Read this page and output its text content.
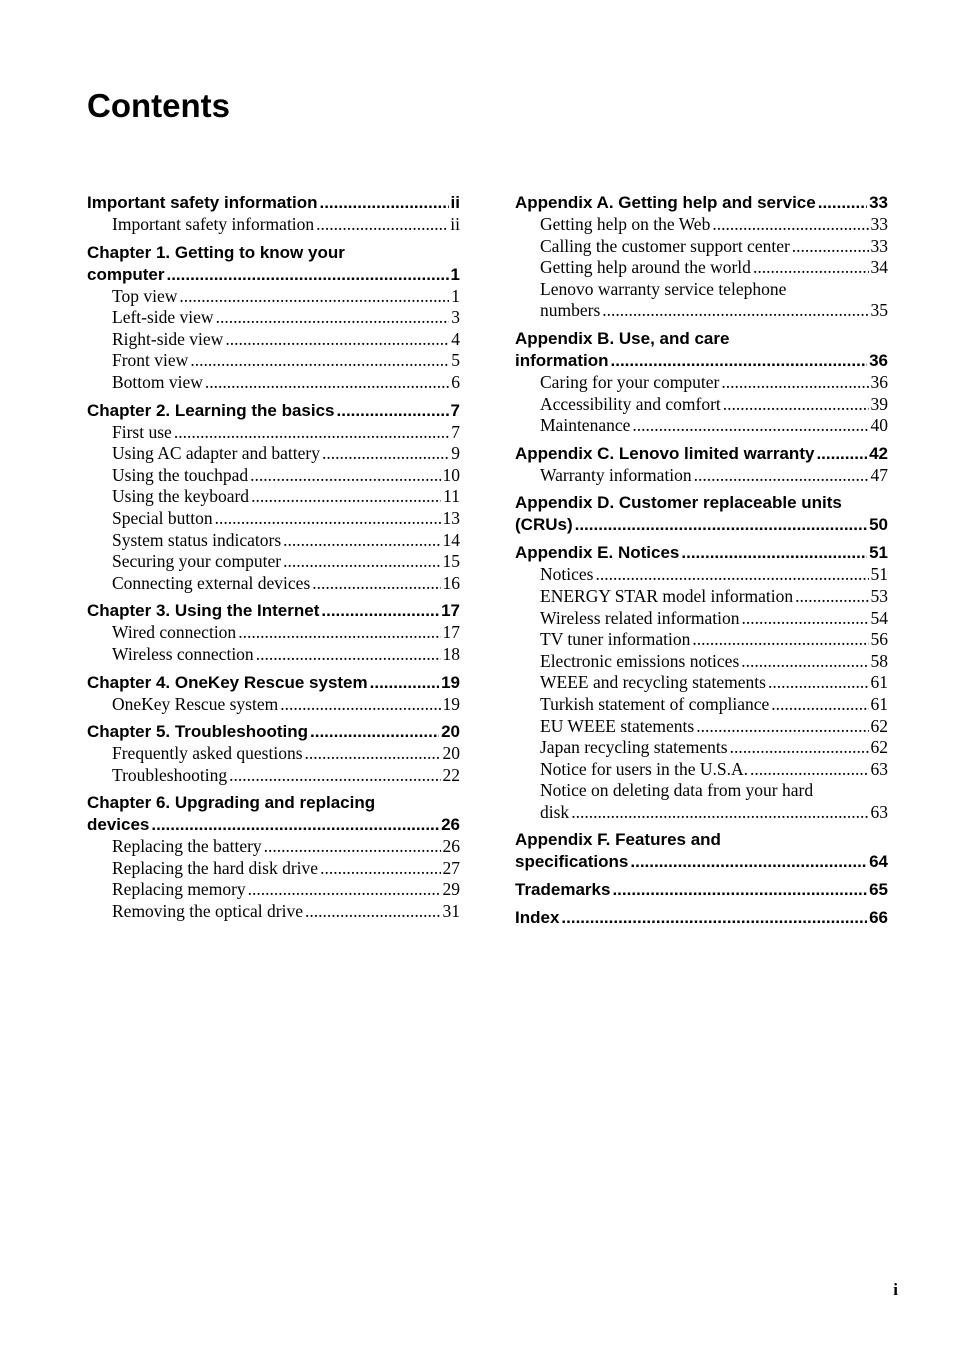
Contents
Important safety information .....	ii
Important safety information .....	ii
Chapter 1. Getting to know your
computer .....	1
Top view .....	1
Left-side view .....	3
Right-side view .....	4
Front view .....	5
Bottom view .....	6
Chapter 2. Learning the basics .....	7
First use .....	7
Using AC adapter and battery .....	9
Using the touchpad .....	10
Using the keyboard .....	11
Special button .....	13
System status indicators .....	14
Securing your computer .....	15
Connecting external devices .....	16
Chapter 3. Using the Internet .....	17
Wired connection .....	17
Wireless connection .....	18
Chapter 4. OneKey Rescue system .....	19
OneKey Rescue system .....	19
Chapter 5. Troubleshooting .....	20
Frequently asked questions .....	20
Troubleshooting .....	22
Chapter 6. Upgrading and replacing
devices .....	26
Replacing the battery .....	26
Replacing the hard disk drive .....	27
Replacing memory .....	29
Removing the optical drive .....	31
Appendix A. Getting help and service .....	33
Getting help on the Web .....	33
Calling the customer support center .....	33
Getting help around the world .....	34
Lenovo warranty service telephone
numbers .....	35
Appendix B. Use, and care
information .....	36
Caring for your computer .....	36
Accessibility and comfort .....	39
Maintenance .....	40
Appendix C. Lenovo limited warranty .....	42
Warranty information .....	47
Appendix D. Customer replaceable units
(CRUs) .....	50
Appendix E. Notices .....	51
Notices .....	51
ENERGY STAR model information .....	53
Wireless related information .....	54
TV tuner information .....	56
Electronic emissions notices .....	58
WEEE and recycling statements .....	61
Turkish statement of compliance .....	61
EU WEEE statements .....	62
Japan recycling statements .....	62
Notice for users in the U.S.A. .....	63
Notice on deleting data from your hard
disk .....	63
Appendix F. Features and
specifications .....	64
Trademarks .....	65
Index .....	66
i
